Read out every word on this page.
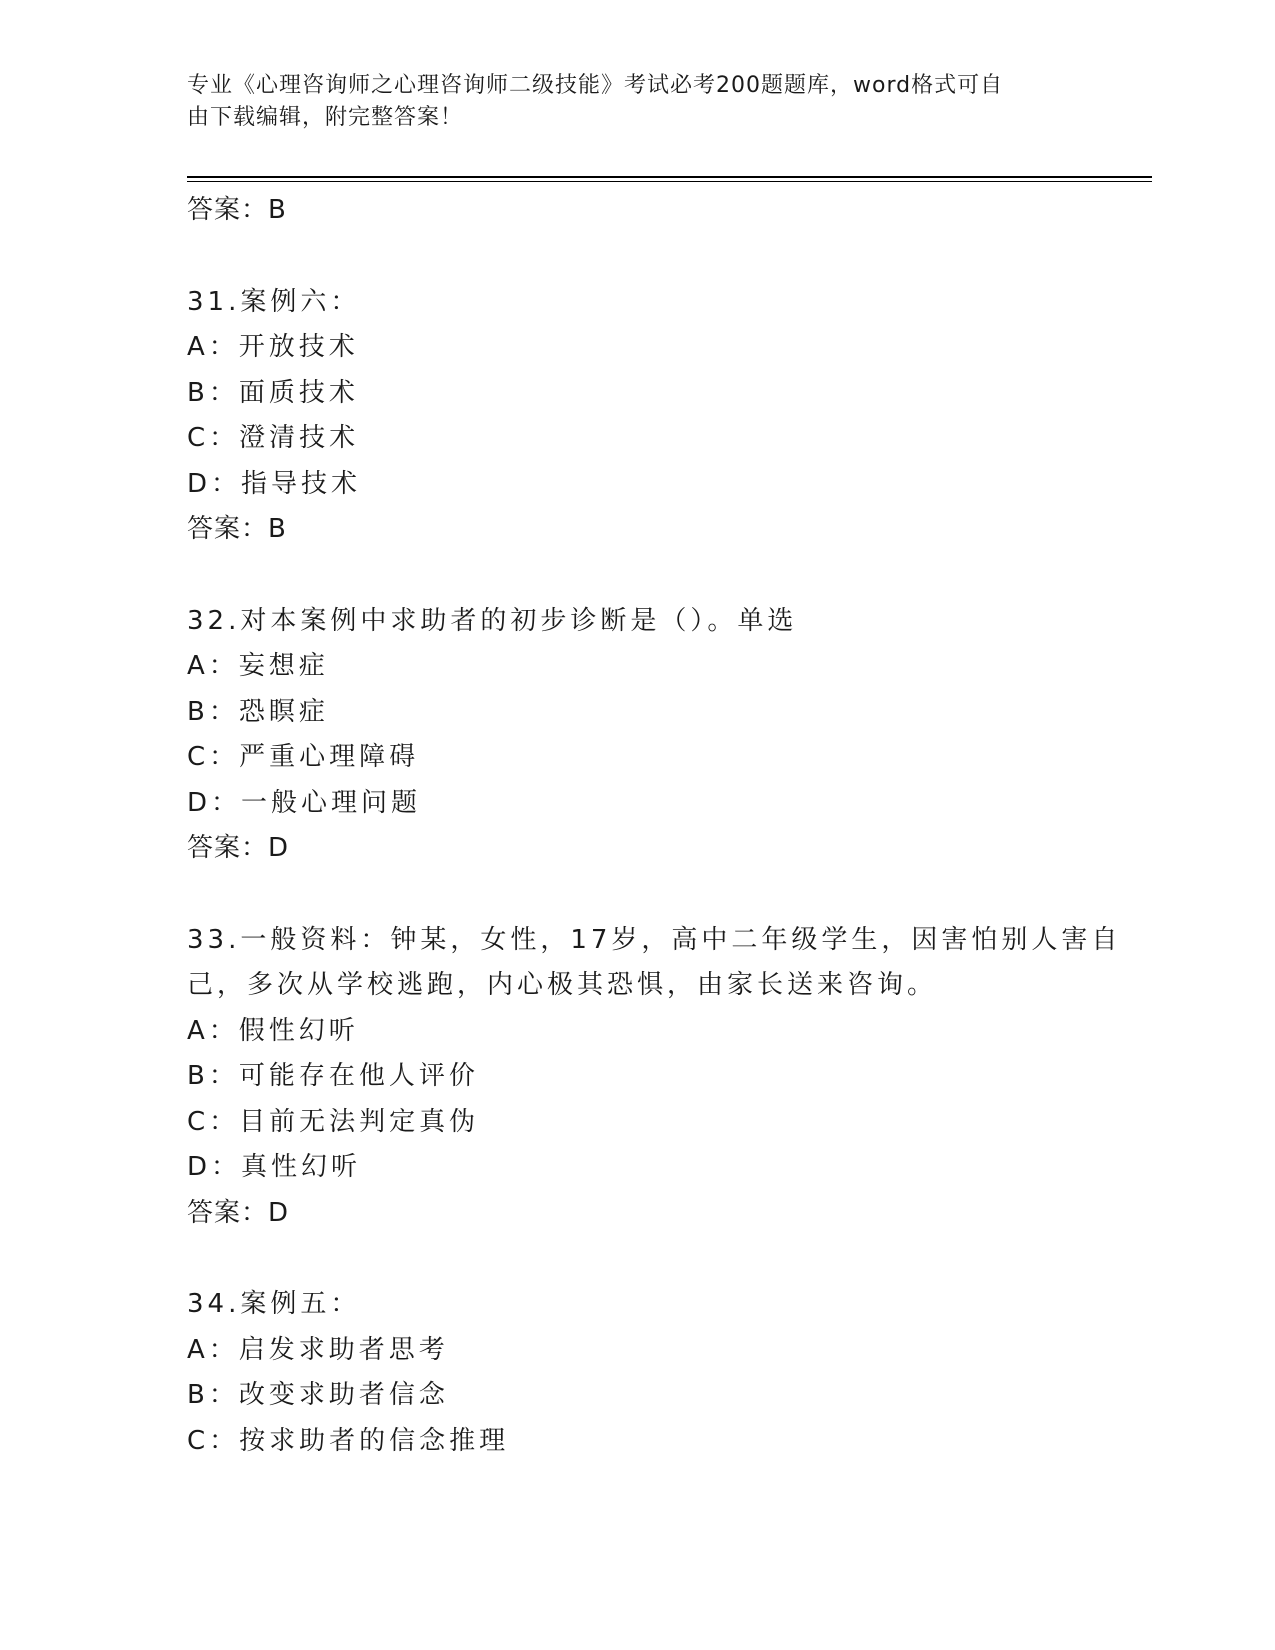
专业《心理咨询师之心理咨询师二级技能》考试必考200题题库，word格式可自
由下载编辑，附完整答案！
答案：B
31.案例六：
A：开放技术
B：面质技术
C：澄清技术
D：指导技术
答案：B
32.对本案例中求助者的初步诊断是（）。单选
A：妄想症
B：恐瞑症
C：严重心理障碍
D：一般心理问题
答案：D
33.一般资料：钟某，女性，17岁，高中二年级学生，因害怕别人害自
己，多次从学校逃跑，内心极其恐惧，由家长送来咨询。
A：假性幻听
B：可能存在他人评价
C：目前无法判定真伪
D：真性幻听
答案：D
34.案例五：
A：启发求助者思考
B：改变求助者信念
C：按求助者的信念推理
